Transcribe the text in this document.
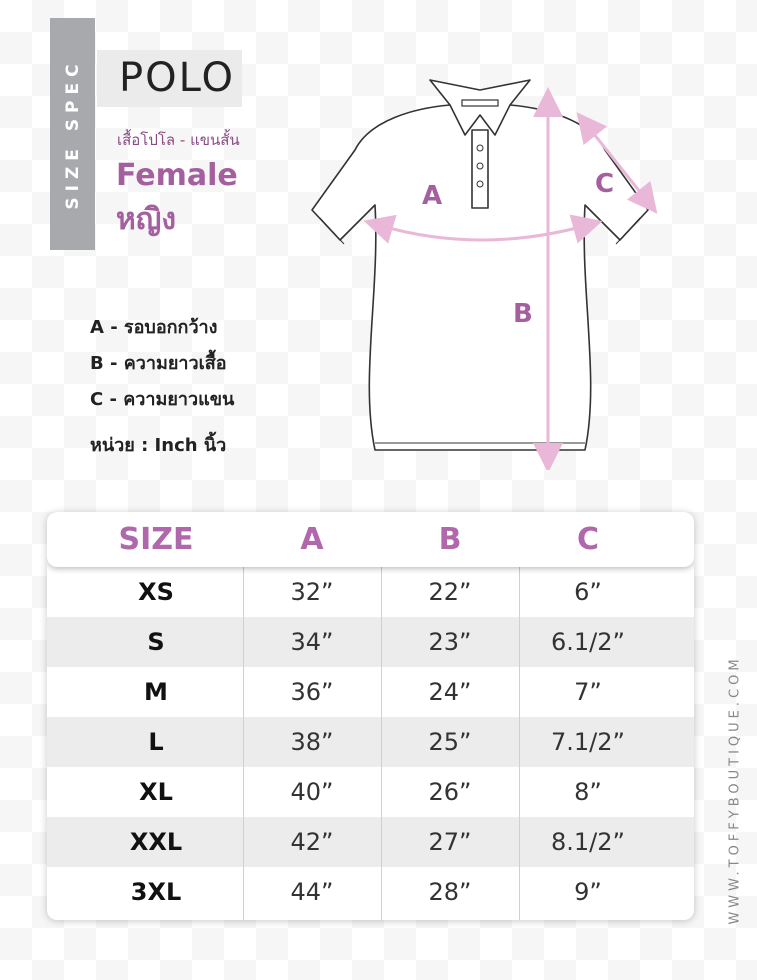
SIZE SPEC POLO
เสื้อโปโล - แขนสั้น
Female
หญิง
A - รอบอกกว้าง
B - ความยาวเสื้อ
C - ความยาวแขน
หน่วย : Inch นิ้ว
A
B
C
SIZE	A	B	C
XS	32”	22”	6”
S	34”	23”	6.1/2”
M	36”	24”	7”
L	38”	25”	7.1/2”
XL	40”	26”	8”
XXL	42”	27”	8.1/2”
3XL	44”	28”	9”	WWW.TOFFYBOUTIQUE.COM
